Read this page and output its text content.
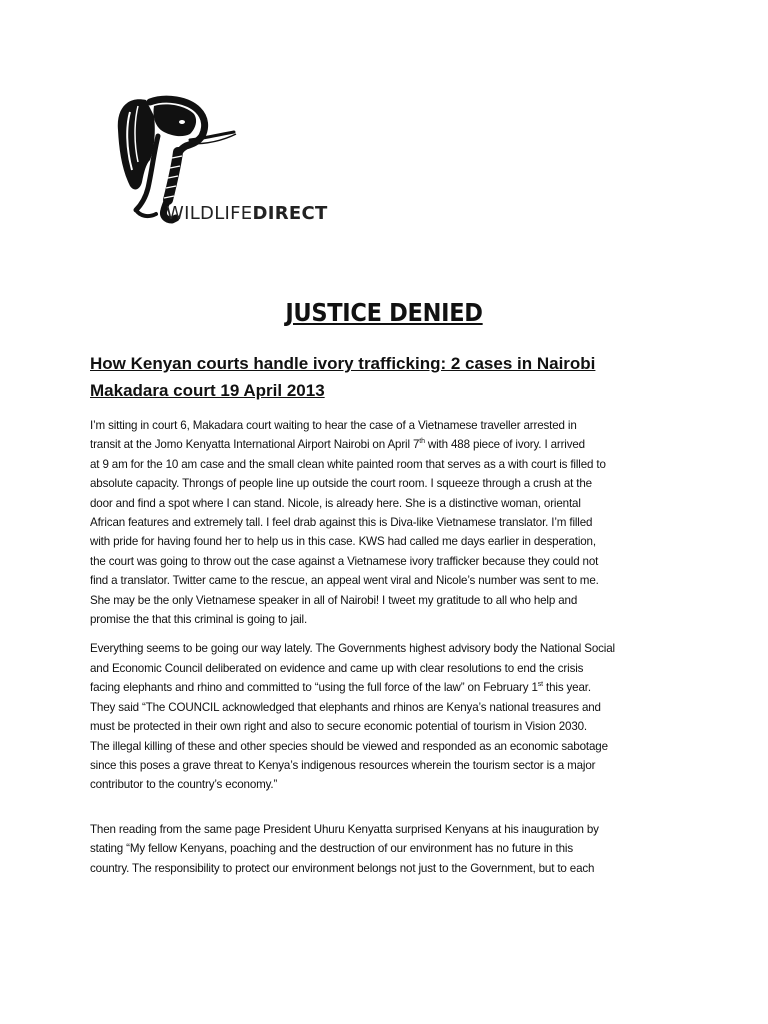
WILDLIFEDIRECT
JUSTICE DENIED
How Kenyan courts handle ivory trafficking: 2 cases in Nairobi
Makadara court 19 April 2013

I’m sitting in court 6, Makadara court waiting to hear the case of a Vietnamese traveller arrested in
transit at the Jomo Kenyatta International Airport Nairobi on April 7th with 488 piece of ivory. I arrived
at 9 am for the 10 am case and the small clean white painted room that serves as a with court is filled to
absolute capacity. Throngs of people line up outside the court room. I squeeze through a crush at the
door and find a spot where I can stand. Nicole, is already here. She is a distinctive woman, oriental
African features and extremely tall. I feel drab against this is Diva-like Vietnamese translator. I’m filled
with pride for having found her to help us in this case. KWS had called me days earlier in desperation,
the court was going to throw out the case against a Vietnamese ivory trafficker because they could not
find a translator. Twitter came to the rescue, an appeal went viral and Nicole’s number was sent to me.
She may be the only Vietnamese speaker in all of Nairobi! I tweet my gratitude to all who help and
promise the that this criminal is going to jail.

Everything seems to be going our way lately. The Governments highest advisory body the National Social
and Economic Council deliberated on evidence and came up with clear resolutions to end the crisis
facing elephants and rhino and committed to “using the full force of the law” on February 1st this year.
They said “The COUNCIL acknowledged that elephants and rhinos are Kenya’s national treasures and
must be protected in their own right and also to secure economic potential of tourism in Vision 2030.
The illegal killing of these and other species should be viewed and responded as an economic sabotage
since this poses a grave threat to Kenya’s indigenous resources wherein the tourism sector is a major
contributor to the country’s economy.”

Then reading from the same page President Uhuru Kenyatta surprised Kenyans at his inauguration by
stating “My fellow Kenyans, poaching and the destruction of our environment has no future in this
country. The responsibility to protect our environment belongs not just to the Government, but to each
